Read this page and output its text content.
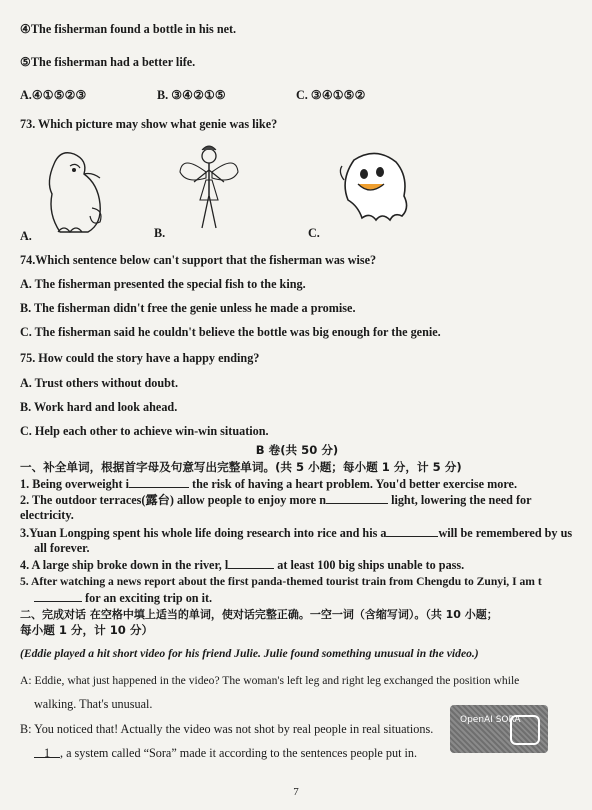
④The fisherman found a bottle in his net.
⑤The fisherman had a better life.
A.④①⑤②③	B. ③④②①⑤	C. ③④①⑤②
73. Which picture may show what genie was like?
A.	B.	C.
74.Which sentence below can't support that the fisherman was wise?
A. The fisherman presented the special fish to the king.
B. The fisherman didn't free the genie unless he made a promise.
C. The fisherman said he couldn't believe the bottle was big enough for the genie.
75. How could the story have a happy ending?
A. Trust others without doubt.
B. Work hard and look ahead.
C. Help each other to achieve win-win situation.
B 卷(共 50 分)
一、补全单词，根据首字母及句意写出完整单词。(共 5 小题；每小题 1 分，计 5 分)
1. Being overweight i	the risk of having a heart problem. You'd better exercise more.
2. The outdoor terraces(露台) allow people to enjoy more n	light, lowering the need for
electricity.
3.Yuan Longping spent his whole life doing research into rice and his a	will be remembered by us
all forever.
4. A large ship broke down in the river, l	at least 100 big ships unable to pass.
5. After watching a news report about the first panda-themed tourist train from Chengdu to Zunyi, I am t
for an exciting trip on it.
二、完成对话 在空格中填上适当的单词，使对话完整正确。一空一词（含缩写词）。（共 10 小题；
每小题 1 分，计 10 分）
(Eddie played a hit short video for his friend Julie. Julie found something unusual in the video.)
A: Eddie, what just happened in the video? The woman's left leg and right leg exchanged the position while
walking. That's unusual.
B: You noticed that! Actually the video was not shot by real people in real situations.
1 , a system called “Sora” made it according to the sentences people put in.
OpenAI SORA
7
